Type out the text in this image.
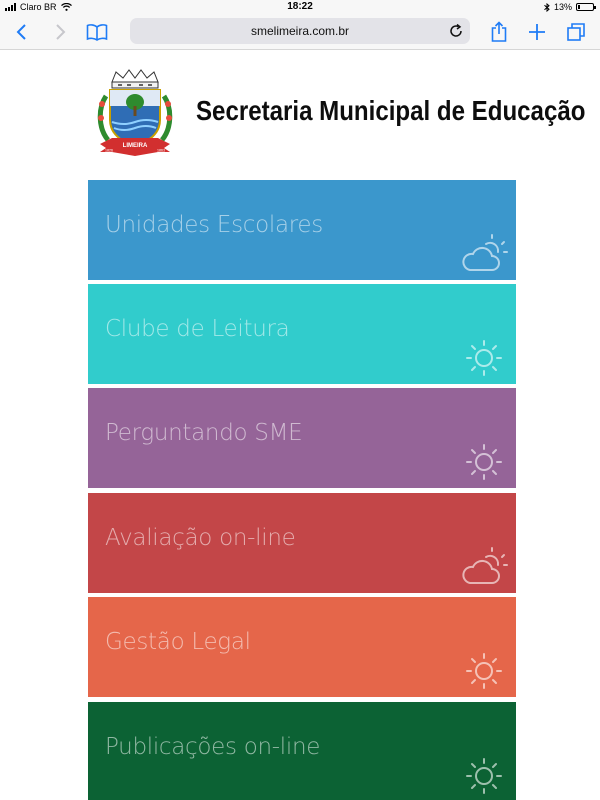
Claro BR	18:22	13%
smelimeira.com.br
LIMEIRA
1826	1863
Secretaria Municipal de Educação
Unidades Escolares
Clube de Leitura
Perguntando SME
Avaliação on-line
Gestão Legal
Publicações on-line
